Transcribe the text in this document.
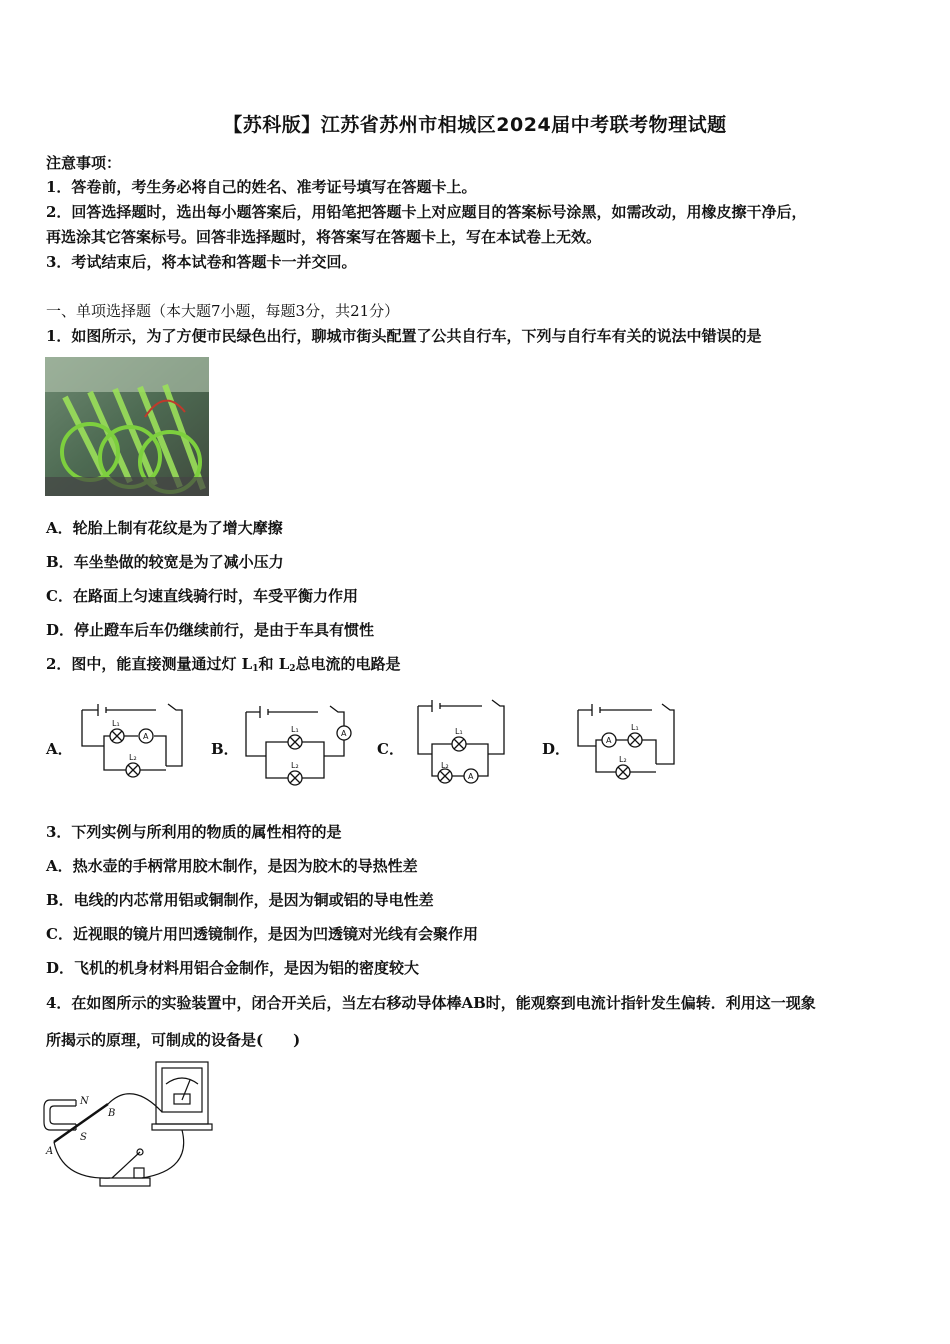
【苏科版】江苏省苏州市相城区2024届中考联考物理试题
注意事项：
1．答卷前，考生务必将自己的姓名、准考证号填写在答题卡上。
2．回答选择题时，选出每小题答案后，用铅笔把答题卡上对应题目的答案标号涂黑，如需改动，用橡皮擦干净后，
再选涂其它答案标号。回答非选择题时，将答案写在答题卡上，写在本试卷上无效。
3．考试结束后，将本试卷和答题卡一并交回。
一、单项选择题（本大题7小题，每题3分，共21分）
1．如图所示，为了方便市民绿色出行，聊城市街头配置了公共自行车，下列与自行车有关的说法中错误的是
A．轮胎上制有花纹是为了增大摩擦
B．车坐垫做的较宽是为了减小压力
C．在路面上匀速直线骑行时，车受平衡力作用
D．停止蹬车后车仍继续前行，是由于车具有惯性
2．图中，能直接测量通过灯 $L_1$和 $L_2$总电流的电路是
A．	B．	C．	D．
L₁
L₂
A
L₁
L₂
A	L₁
L₂
A
A
L₁
L₂
3．下列实例与所利用的物质的属性相符的是
A．热水壶的手柄常用胶木制作，是因为胶木的导热性差
B．电线的内芯常用铝或铜制作，是因为铜或铝的导电性差
C．近视眼的镜片用凹透镜制作，是因为凹透镜对光线有会聚作用
D．飞机的机身材料用铝合金制作，是因为铝的密度较大
4．在如图所示的实验装置中，闭合开关后，当左右移动导体棒AB时，能观察到电流计指针发生偏转．利用这一现象
所揭示的原理，可制成的设备是(　　)
N
S
A
B
